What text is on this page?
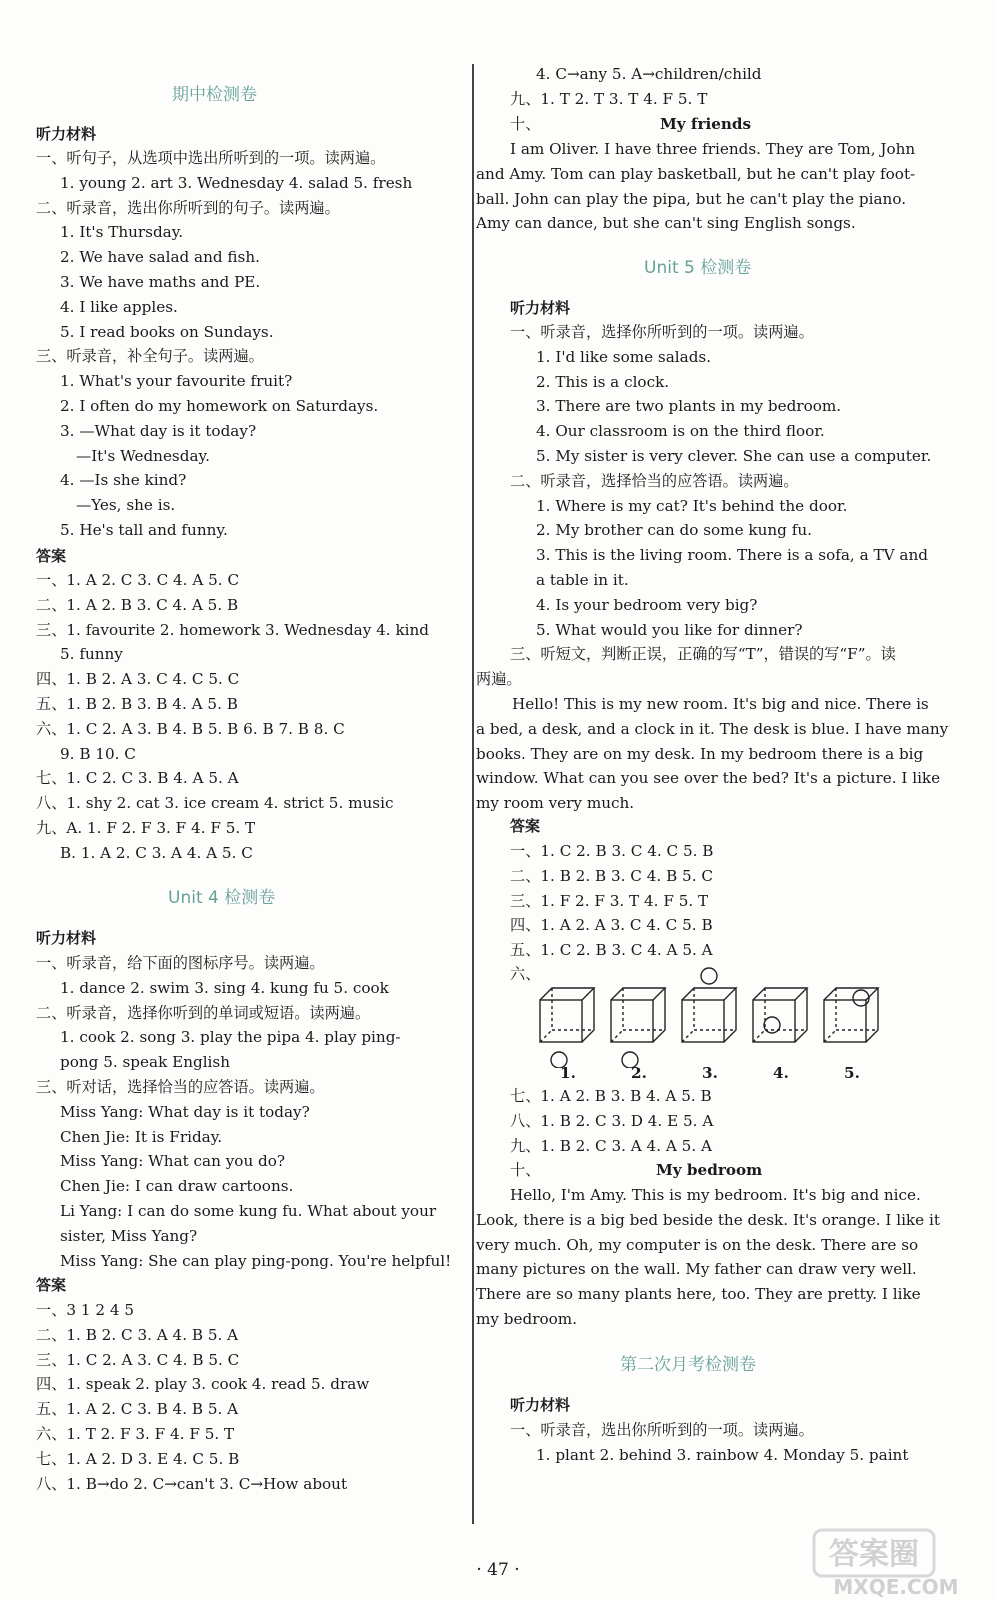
期中检测卷
听力材料
一、听句子，从选项中选出所听到的一项。读两遍。
1. young 2. art 3. Wednesday 4. salad 5. fresh
二、听录音，选出你所听到的句子。读两遍。
1. It's Thursday.
2. We have salad and fish.
3. We have maths and PE.
4. I like apples.
5. I read books on Sundays.
三、听录音，补全句子。读两遍。
1. What's your favourite fruit?
2. I often do my homework on Saturdays.
3. —What day is it today?
—It's Wednesday.
4. —Is she kind?
—Yes, she is.
5. He's tall and funny.
答案
一、1. A 2. C 3. C 4. A 5. C
二、1. A 2. B 3. C 4. A 5. B
三、1. favourite 2. homework 3. Wednesday 4. kind
5. funny
四、1. B 2. A 3. C 4. C 5. C
五、1. B 2. B 3. B 4. A 5. B
六、1. C 2. A 3. B 4. B 5. B 6. B 7. B 8. C
9. B 10. C
七、1. C 2. C 3. B 4. A 5. A
八、1. shy 2. cat 3. ice cream 4. strict 5. music
九、A. 1. F 2. F 3. F 4. F 5. T
B. 1. A 2. C 3. A 4. A 5. C
Unit 4 检测卷
听力材料
一、听录音，给下面的图标序号。读两遍。
1. dance 2. swim 3. sing 4. kung fu 5. cook
二、听录音，选择你听到的单词或短语。读两遍。
1. cook 2. song 3. play the pipa 4. play ping-
pong 5. speak English
三、听对话，选择恰当的应答语。读两遍。
Miss Yang: What day is it today?
Chen Jie: It is Friday.
Miss Yang: What can you do?
Chen Jie: I can draw cartoons.
Li Yang: I can do some kung fu. What about your
sister, Miss Yang?
Miss Yang: She can play ping-pong. You're helpful!
答案
一、3 1 2 4 5
二、1. B 2. C 3. A 4. B 5. A
三、1. C 2. A 3. C 4. B 5. C
四、1. speak 2. play 3. cook 4. read 5. draw
五、1. A 2. C 3. B 4. B 5. A
六、1. T 2. F 3. F 4. F 5. T
七、1. A 2. D 3. E 4. C 5. B
八、1. B→do 2. C→can't 3. C→How about
4. C→any 5. A→children/child
九、1. T 2. T 3. T 4. F 5. T
十、	My friends
I am Oliver. I have three friends. They are Tom, John
and Amy. Tom can play basketball, but he can't play foot-
ball. John can play the pipa, but he can't play the piano.
Amy can dance, but she can't sing English songs.
Unit 5 检测卷
听力材料
一、听录音，选择你所听到的一项。读两遍。
1. I'd like some salads.
2. This is a clock.
3. There are two plants in my bedroom.
4. Our classroom is on the third floor.
5. My sister is very clever. She can use a computer.
二、听录音，选择恰当的应答语。读两遍。
1. Where is my cat? It's behind the door.
2. My brother can do some kung fu.
3. This is the living room. There is a sofa, a TV and
a table in it.
4. Is your bedroom very big?
5. What would you like for dinner?
三、听短文，判断正误，正确的写“T”，错误的写“F”。读
两遍。
Hello! This is my new room. It's big and nice. There is
a bed, a desk, and a clock in it. The desk is blue. I have many
books. They are on my desk. In my bedroom there is a big
window. What can you see over the bed? It's a picture. I like
my room very much.
答案
一、1. C 2. B 3. C 4. C 5. B
二、1. B 2. B 3. C 4. B 5. C
三、1. F 2. F 3. T 4. F 5. T
四、1. A 2. A 3. C 4. C 5. B
五、1. C 2. B 3. C 4. A 5. A
六、
1.	2.	3.	4.	5.
七、1. A 2. B 3. B 4. A 5. B
八、1. B 2. C 3. D 4. E 5. A
九、1. B 2. C 3. A 4. A 5. A
十、	My bedroom
Hello, I'm Amy. This is my bedroom. It's big and nice.
Look, there is a big bed beside the desk. It's orange. I like it
very much. Oh, my computer is on the desk. There are so
many pictures on the wall. My father can draw very well.
There are so many plants here, too. They are pretty. I like
my bedroom.
第二次月考检测卷
听力材料
一、听录音，选出你所听到的一项。读两遍。
1. plant 2. behind 3. rainbow 4. Monday 5. paint
· 47 ·	答案圈
MXQE.COM
